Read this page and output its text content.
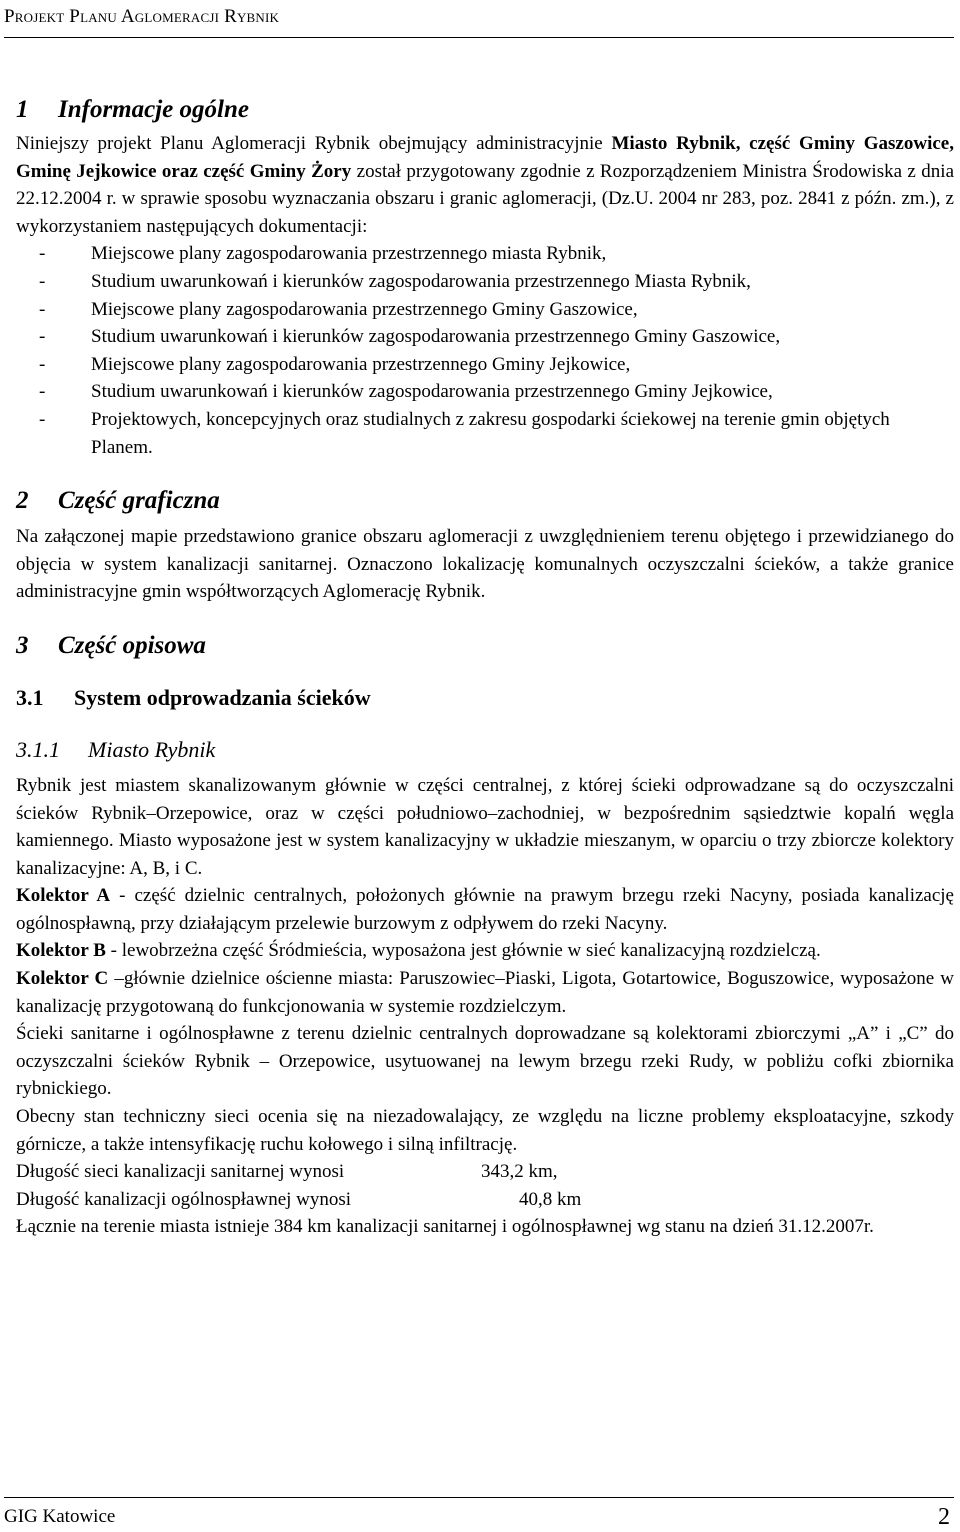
Projekt Planu Aglomeracji Rybnik
1 Informacje ogólne

Niniejszy projekt Planu Aglomeracji Rybnik obejmujący administracyjnie Miasto Rybnik, część Gminy Gaszowice, Gminę Jejkowice oraz część Gminy Żory został przygotowany zgodnie z Rozporządzeniem Ministra Środowiska z dnia 22.12.2004 r. w sprawie sposobu wyznaczania obszaru i granic aglomeracji, (Dz.U. 2004 nr 283, poz. 2841 z późn. zm.), z wykorzystaniem następujących dokumentacji:

- Miejscowe plany zagospodarowania przestrzennego miasta Rybnik,
- Studium uwarunkowań i kierunków zagospodarowania przestrzennego Miasta Rybnik,
- Miejscowe plany zagospodarowania przestrzennego Gminy Gaszowice,
- Studium uwarunkowań i kierunków zagospodarowania przestrzennego Gminy Gaszowice,
- Miejscowe plany zagospodarowania przestrzennego Gminy Jejkowice,
- Studium uwarunkowań i kierunków zagospodarowania przestrzennego Gminy Jejkowice,
- Projektowych, koncepcyjnych oraz studialnych z zakresu gospodarki ściekowej na terenie gmin objętych Planem.
2 Część graficzna

Na załączonej mapie przedstawiono granice obszaru aglomeracji z uwzględnieniem terenu objętego i przewidzianego do objęcia w system kanalizacji sanitarnej. Oznaczono lokalizację komunalnych oczyszczalni ścieków, a także granice administracyjne gmin współtworzących Aglomerację Rybnik.

3 Część opisowa
3.1 System odprowadzania ścieków
3.1.1 Miasto Rybnik

Rybnik jest miastem skanalizowanym głównie w części centralnej, z której ścieki odprowadzane są do oczyszczalni ścieków Rybnik–Orzepowice, oraz w części południowo–zachodniej, w bezpośrednim sąsiedztwie kopalń węgla kamiennego. Miasto wyposażone jest w system kanalizacyjny w układzie mieszanym, w oparciu o trzy zbiorcze kolektory kanalizacyjne: A, B, i C.

Kolektor A - część dzielnic centralnych, położonych głównie na prawym brzegu rzeki Nacyny, posiada kanalizację ogólnospławną, przy działającym przelewie burzowym z odpływem do rzeki Nacyny.

Kolektor B - lewobrzeżna część Śródmieścia, wyposażona jest głównie w sieć kanalizacyjną rozdzielczą.

Kolektor C –głównie dzielnice ościenne miasta: Paruszowiec–Piaski, Ligota, Gotartowice, Boguszowice, wyposażone w kanalizację przygotowaną do funkcjonowania w systemie rozdzielczym.

Ścieki sanitarne i ogólnospławne z terenu dzielnic centralnych doprowadzane są kolektorami zbiorczymi „A” i „C” do oczyszczalni ścieków Rybnik – Orzepowice, usytuowanej na lewym brzegu rzeki Rudy, w pobliżu cofki zbiornika rybnickiego.

Obecny stan techniczny sieci ocenia się na niezadowalający, ze względu na liczne problemy eksploatacyjne, szkody górnicze, a także intensyfikację ruchu kołowego i silną infiltrację.

Długość sieci kanalizacji sanitarnej wynosi	343,2 km,
Długość kanalizacji ogólnospławnej wynosi	40,8 km

Łącznie na terenie miasta istnieje 384 km kanalizacji sanitarnej i ogólnospławnej wg stanu na dzień 31.12.2007r.

GIG Katowice	2
